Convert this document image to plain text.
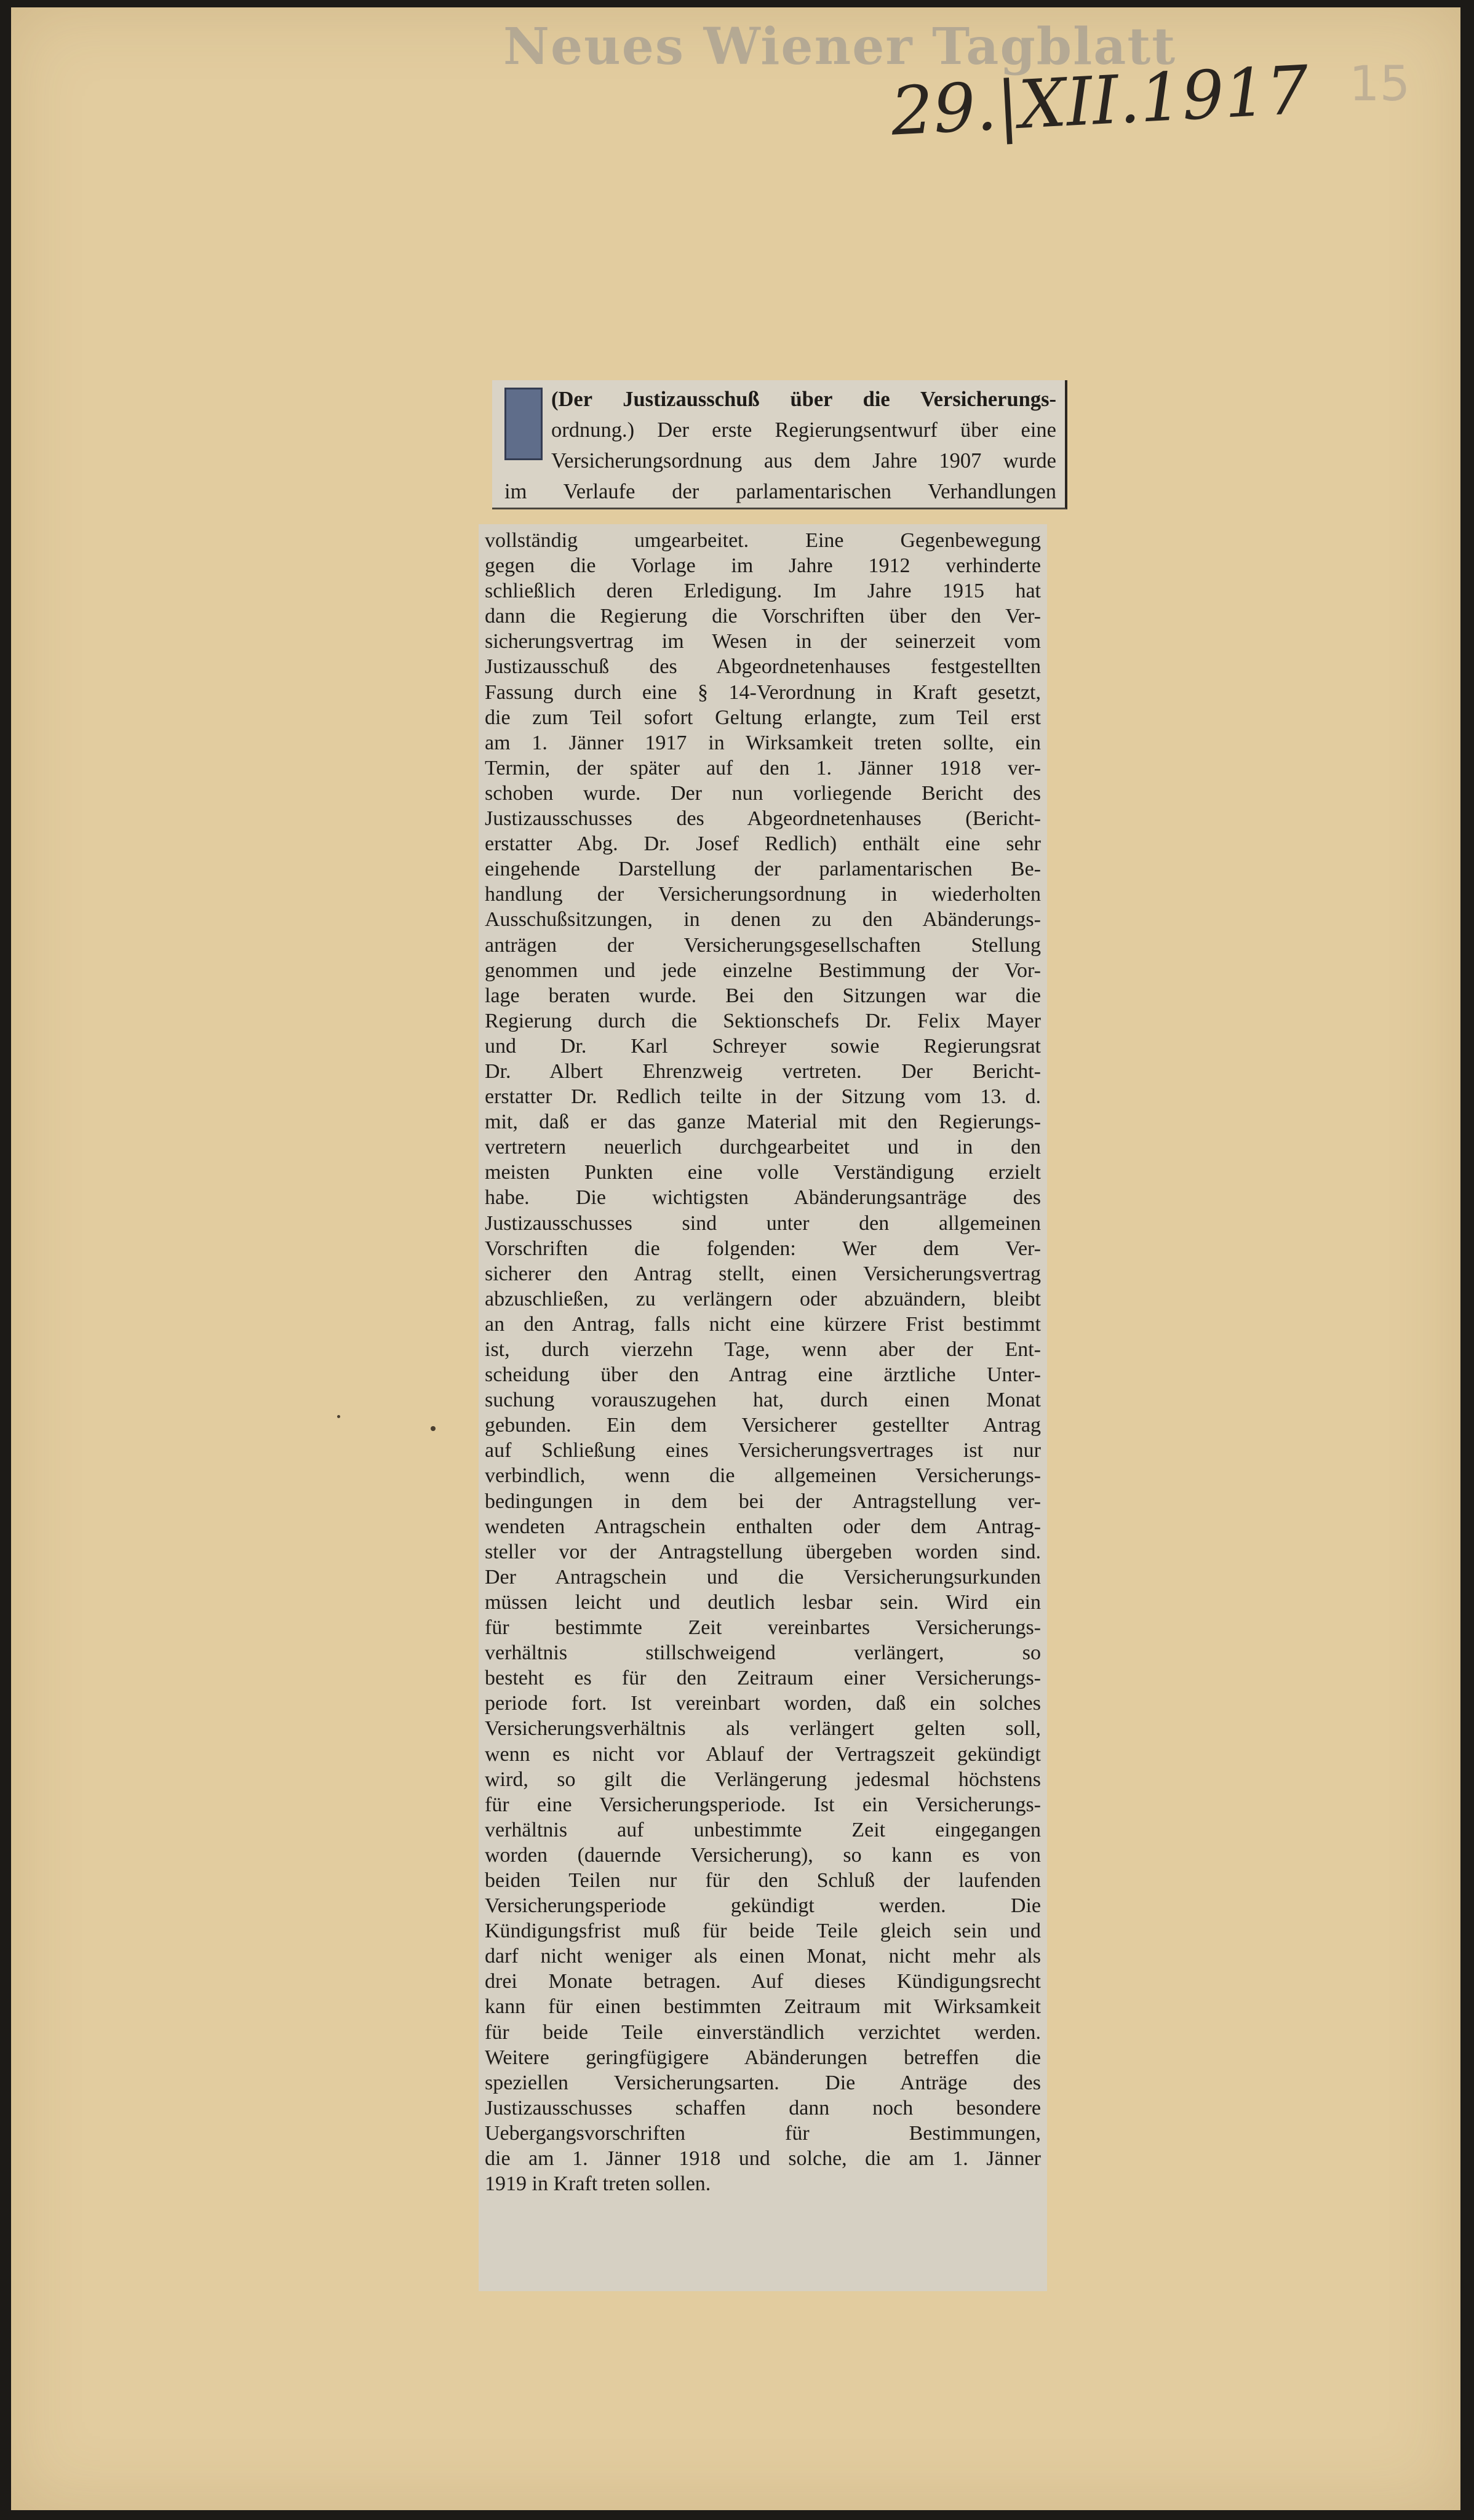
Neues Wiener Tagblatt
29.|XII.1917 15
(Der Justizausschuß über die Versicherungs-
ordnung.) Der erste Regierungsentwurf über eine
Versicherungsordnung aus dem Jahre 1907 wurde
im Verlaufe der parlamentarischen Verhandlungen
vollständig umgearbeitet. Eine Gegenbewegung
gegen die Vorlage im Jahre 1912 verhinderte
schließlich deren Erledigung. Im Jahre 1915 hat
dann die Regierung die Vorschriften über den Ver-
sicherungsvertrag im Wesen in der seinerzeit vom
Justizausschuß des Abgeordnetenhauses festgestellten
Fassung durch eine § 14-Verordnung in Kraft gesetzt,
die zum Teil sofort Geltung erlangte, zum Teil erst
am 1. Jänner 1917 in Wirksamkeit treten sollte, ein
Termin, der später auf den 1. Jänner 1918 ver-
schoben wurde. Der nun vorliegende Bericht des
Justizausschusses des Abgeordnetenhauses (Bericht-
erstatter Abg. Dr. Josef Redlich) enthält eine sehr
eingehende Darstellung der parlamentarischen Be-
handlung der Versicherungsordnung in wiederholten
Ausschußsitzungen, in denen zu den Abänderungs-
anträgen der Versicherungsgesellschaften Stellung
genommen und jede einzelne Bestimmung der Vor-
lage beraten wurde. Bei den Sitzungen war die
Regierung durch die Sektionschefs Dr. Felix Mayer
und Dr. Karl Schreyer sowie Regierungsrat
Dr. Albert Ehrenzweig vertreten. Der Bericht-
erstatter Dr. Redlich teilte in der Sitzung vom 13. d.
mit, daß er das ganze Material mit den Regierungs-
vertretern neuerlich durchgearbeitet und in den
meisten Punkten eine volle Verständigung erzielt
habe. Die wichtigsten Abänderungsanträge des
Justizausschusses sind unter den allgemeinen
Vorschriften die folgenden: Wer dem Ver-
sicherer den Antrag stellt, einen Versicherungsvertrag
abzuschließen, zu verlängern oder abzuändern, bleibt
an den Antrag, falls nicht eine kürzere Frist bestimmt
ist, durch vierzehn Tage, wenn aber der Ent-
scheidung über den Antrag eine ärztliche Unter-
suchung vorauszugehen hat, durch einen Monat
gebunden. Ein dem Versicherer gestellter Antrag
auf Schließung eines Versicherungsvertrages ist nur
verbindlich, wenn die allgemeinen Versicherungs-
bedingungen in dem bei der Antragstellung ver-
wendeten Antragschein enthalten oder dem Antrag-
steller vor der Antragstellung übergeben worden sind.
Der Antragschein und die Versicherungsurkunden
müssen leicht und deutlich lesbar sein. Wird ein
für bestimmte Zeit vereinbartes Versicherungs-
verhältnis stillschweigend verlängert, so
besteht es für den Zeitraum einer Versicherungs-
periode fort. Ist vereinbart worden, daß ein solches
Versicherungsverhältnis als verlängert gelten soll,
wenn es nicht vor Ablauf der Vertragszeit gekündigt
wird, so gilt die Verlängerung jedesmal höchstens
für eine Versicherungsperiode. Ist ein Versicherungs-
verhältnis auf unbestimmte Zeit eingegangen
worden (dauernde Versicherung), so kann es von
beiden Teilen nur für den Schluß der laufenden
Versicherungsperiode gekündigt werden. Die
Kündigungsfrist muß für beide Teile gleich sein und
darf nicht weniger als einen Monat, nicht mehr als
drei Monate betragen. Auf dieses Kündigungsrecht
kann für einen bestimmten Zeitraum mit Wirksamkeit
für beide Teile einverständlich verzichtet werden.
Weitere geringfügigere Abänderungen betreffen die
speziellen Versicherungsarten. Die Anträge des
Justizausschusses schaffen dann noch besondere
Uebergangsvorschriften für Bestimmungen,
die am 1. Jänner 1918 und solche, die am 1. Jänner
1919 in Kraft treten sollen.
